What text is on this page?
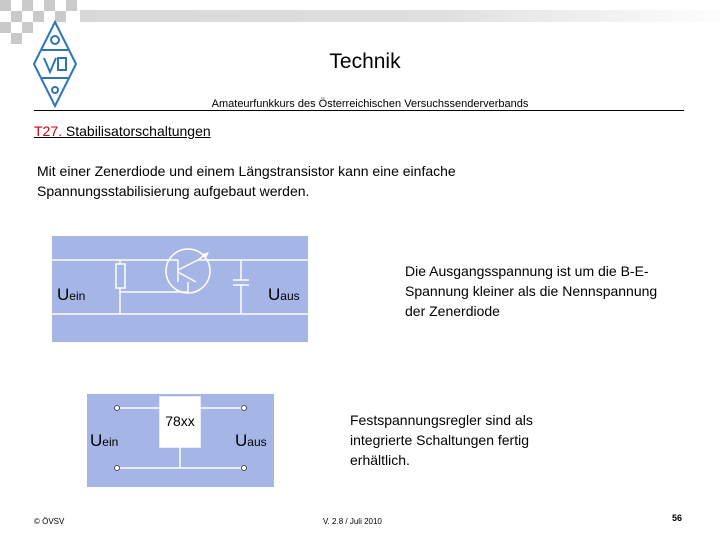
Technik
Amateurfunkkurs des Österreichischen Versuchssenderverbands
T27. Stabilisatorschaltungen
Mit einer Zenerdiode und einem Längstransistor kann eine einfache Spannungsstabilisierung aufgebaut werden.
Uein	Uaus
Die Ausgangsspannung ist um die B-E-Spannung kleiner als die Nennspannung der Zenerdiode
78xx
Uein	Uaus
Festspannungsregler sind als integrierte Schaltungen fertig erhältlich.
© ÖVSV	V. 2.8 / Juli 2010	56
